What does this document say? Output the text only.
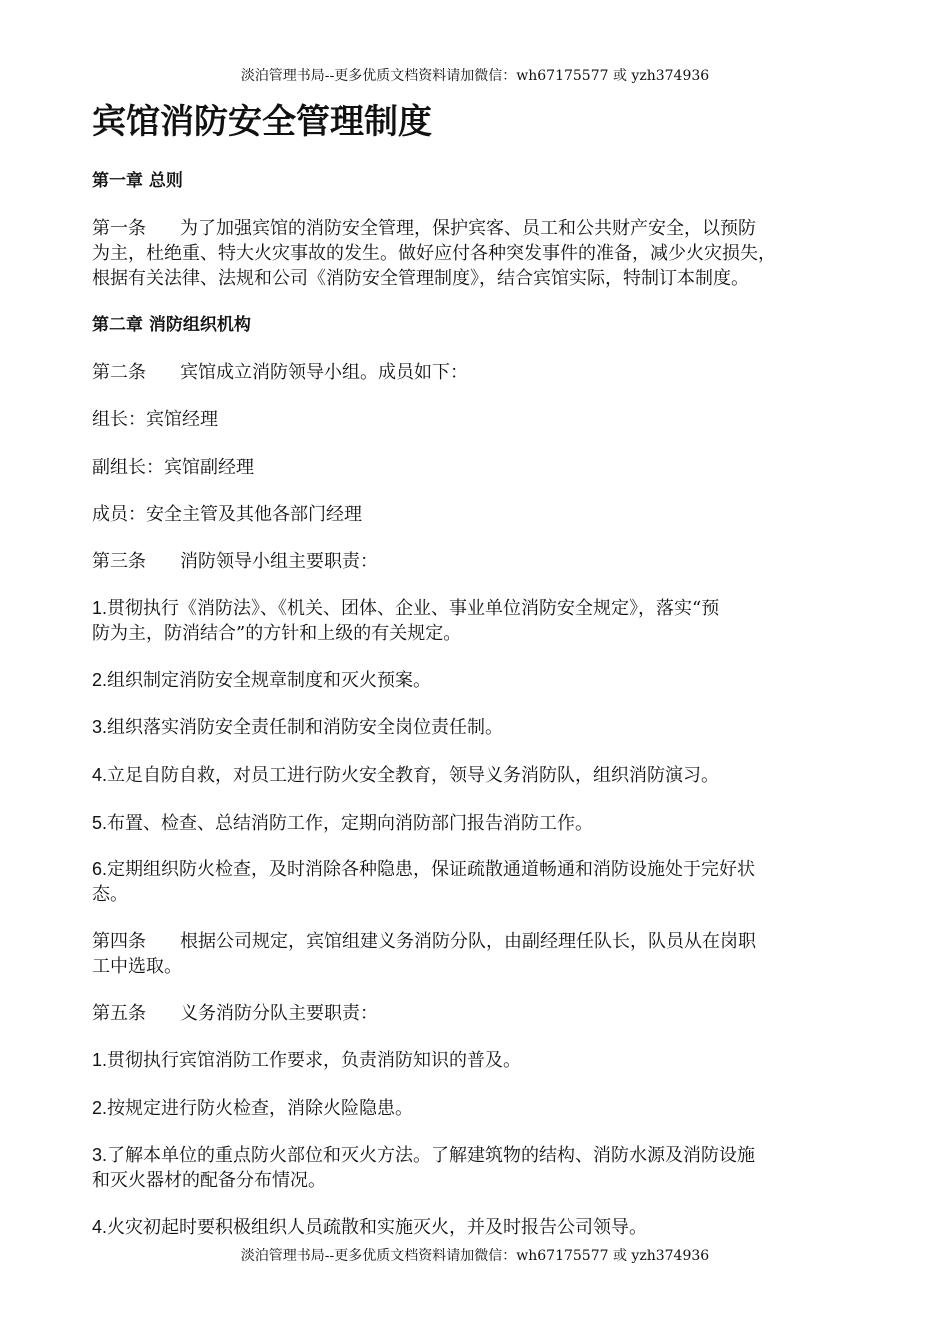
淡泊管理书局--更多优质文档资料请加微信：wh67175577 或 yzh374936
宾馆消防安全管理制度
第一章 总则
第一条 为了加强宾馆的消防安全管理，保护宾客、员工和公共财产安全，以预防
为主，杜绝重、特大火灾事故的发生。做好应付各种突发事件的准备，减少火灾损失，
根据有关法律、法规和公司《消防安全管理制度》，结合宾馆实际，特制订本制度。
第二章 消防组织机构
第二条 宾馆成立消防领导小组。成员如下：
组长：宾馆经理
副组长：宾馆副经理
成员：安全主管及其他各部门经理
第三条 消防领导小组主要职责：
1.贯彻执行《消防法》、《机关、团体、企业、事业单位消防安全规定》，落实“预
防为主，防消结合”的方针和上级的有关规定。
2.组织制定消防安全规章制度和灭火预案。
3.组织落实消防安全责任制和消防安全岗位责任制。
4.立足自防自救，对员工进行防火安全教育，领导义务消防队，组织消防演习。
5.布置、检查、总结消防工作，定期向消防部门报告消防工作。
6.定期组织防火检查，及时消除各种隐患，保证疏散通道畅通和消防设施处于完好状
态。
第四条 根据公司规定，宾馆组建义务消防分队，由副经理任队长，队员从在岗职
工中选取。
第五条 义务消防分队主要职责：
1.贯彻执行宾馆消防工作要求，负责消防知识的普及。
2.按规定进行防火检查，消除火险隐患。
3.了解本单位的重点防火部位和灭火方法。了解建筑物的结构、消防水源及消防设施
和灭火器材的配备分布情况。
4.火灾初起时要积极组织人员疏散和实施灭火，并及时报告公司领导。
淡泊管理书局--更多优质文档资料请加微信：wh67175577 或 yzh374936
